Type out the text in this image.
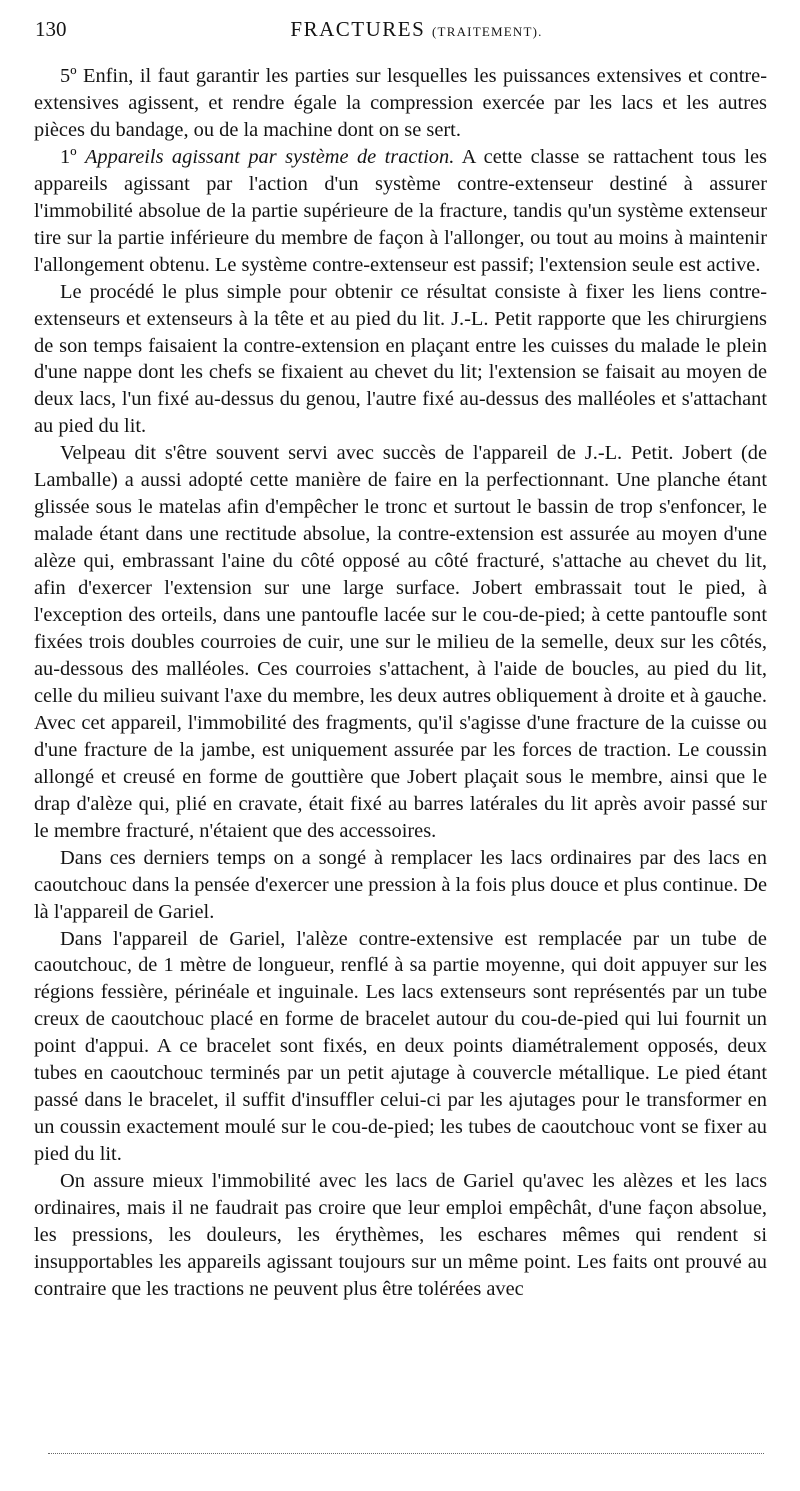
130	FRACTURES (TRAITEMENT).

5º Enfin, il faut garantir les parties sur lesquelles les puissances extensives et contre-extensives agissent, et rendre égale la compression exercée par les lacs et les autres pièces du bandage, ou de la machine dont on se sert.

1º Appareils agissant par système de traction. A cette classe se rattachent tous les appareils agissant par l'action d'un système contre-extenseur destiné à assurer l'immobilité absolue de la partie supérieure de la fracture, tandis qu'un système extenseur tire sur la partie inférieure du membre de façon à l'allonger, ou tout au moins à maintenir l'allongement obtenu. Le système contre-extenseur est passif; l'extension seule est active.

Le procédé le plus simple pour obtenir ce résultat consiste à fixer les liens contre-extenseurs et extenseurs à la tête et au pied du lit. J.-L. Petit rapporte que les chirurgiens de son temps faisaient la contre-extension en plaçant entre les cuisses du malade le plein d'une nappe dont les chefs se fixaient au chevet du lit; l'extension se faisait au moyen de deux lacs, l'un fixé au-dessus du genou, l'autre fixé au-dessus des malléoles et s'attachant au pied du lit.

Velpeau dit s'être souvent servi avec succès de l'appareil de J.-L. Petit. Jobert (de Lamballe) a aussi adopté cette manière de faire en la perfectionnant. Une planche étant glissée sous le matelas afin d'empêcher le tronc et surtout le bassin de trop s'enfoncer, le malade étant dans une rectitude absolue, la contre-extension est assurée au moyen d'une alèze qui, embrassant l'aine du côté opposé au côté fracturé, s'attache au chevet du lit, afin d'exercer l'extension sur une large surface. Jobert embrassait tout le pied, à l'exception des orteils, dans une pantoufle lacée sur le cou-de-pied; à cette pantoufle sont fixées trois doubles courroies de cuir, une sur le milieu de la semelle, deux sur les côtés, au-dessous des malléoles. Ces courroies s'attachent, à l'aide de boucles, au pied du lit, celle du milieu suivant l'axe du membre, les deux autres obliquement à droite et à gauche. Avec cet appareil, l'immobilité des fragments, qu'il s'agisse d'une fracture de la cuisse ou d'une fracture de la jambe, est uniquement assurée par les forces de traction. Le coussin allongé et creusé en forme de gouttière que Jobert plaçait sous le membre, ainsi que le drap d'alèze qui, plié en cravate, était fixé au barres latérales du lit après avoir passé sur le membre fracturé, n'étaient que des accessoires.

Dans ces derniers temps on a songé à remplacer les lacs ordinaires par des lacs en caoutchouc dans la pensée d'exercer une pression à la fois plus douce et plus continue. De là l'appareil de Gariel.

Dans l'appareil de Gariel, l'alèze contre-extensive est remplacée par un tube de caoutchouc, de 1 mètre de longueur, renflé à sa partie moyenne, qui doit appuyer sur les régions fessière, périnéale et inguinale. Les lacs extenseurs sont représentés par un tube creux de caoutchouc placé en forme de bracelet autour du cou-de-pied qui lui fournit un point d'appui. A ce bracelet sont fixés, en deux points diamétralement opposés, deux tubes en caoutchouc terminés par un petit ajutage à couvercle métallique. Le pied étant passé dans le bracelet, il suffit d'insuffler celui-ci par les ajutages pour le transformer en un coussin exactement moulé sur le cou-de-pied; les tubes de caoutchouc vont se fixer au pied du lit.

On assure mieux l'immobilité avec les lacs de Gariel qu'avec les alèzes et les lacs ordinaires, mais il ne faudrait pas croire que leur emploi empêchât, d'une façon absolue, les pressions, les douleurs, les érythèmes, les eschares mêmes qui rendent si insupportables les appareils agissant toujours sur un même point. Les faits ont prouvé au contraire que les tractions ne peuvent plus être tolérées avec
